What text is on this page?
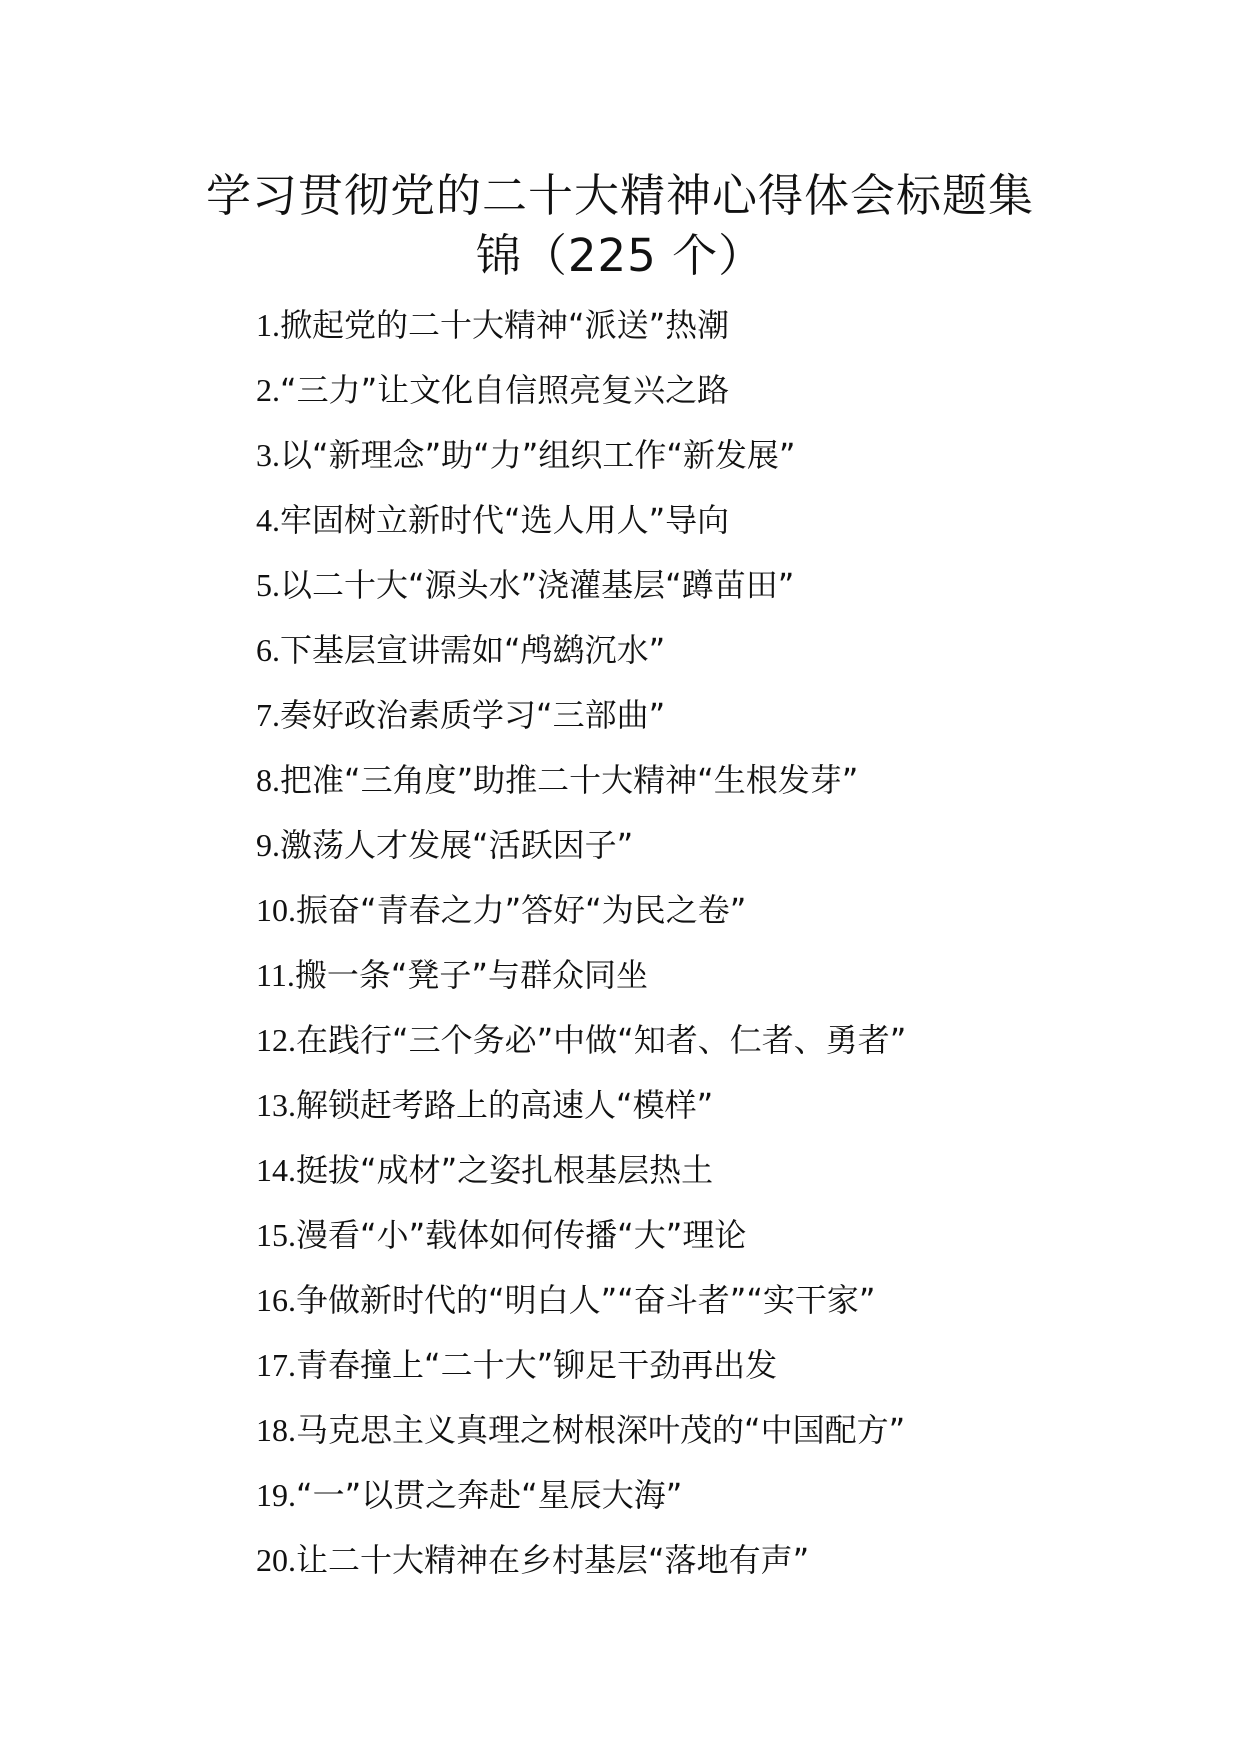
学习贯彻党的二十大精神心得体会标题集
锦（225 个）
1.掀起党的二十大精神“派送”热潮
2.“三力”让文化自信照亮复兴之路
3.以“新理念”助“力”组织工作“新发展”
4.牢固树立新时代“选人用人”导向
5.以二十大“源头水”浇灌基层“蹲苗田”
6.下基层宣讲需如“鸬鹚沉水”
7.奏好政治素质学习“三部曲”
8.把准“三角度”助推二十大精神“生根发芽”
9.激荡人才发展“活跃因子”
10.振奋“青春之力”答好“为民之卷”
11.搬一条“凳子”与群众同坐
12.在践行“三个务必”中做“知者、仁者、勇者”
13.解锁赶考路上的高速人“模样”
14.挺拔“成材”之姿扎根基层热土
15.漫看“小”载体如何传播“大”理论
16.争做新时代的“明白人”“奋斗者”“实干家”
17.青春撞上“二十大”铆足干劲再出发
18.马克思主义真理之树根深叶茂的“中国配方”
19.“一”以贯之奔赴“星辰大海”
20.让二十大精神在乡村基层“落地有声”
